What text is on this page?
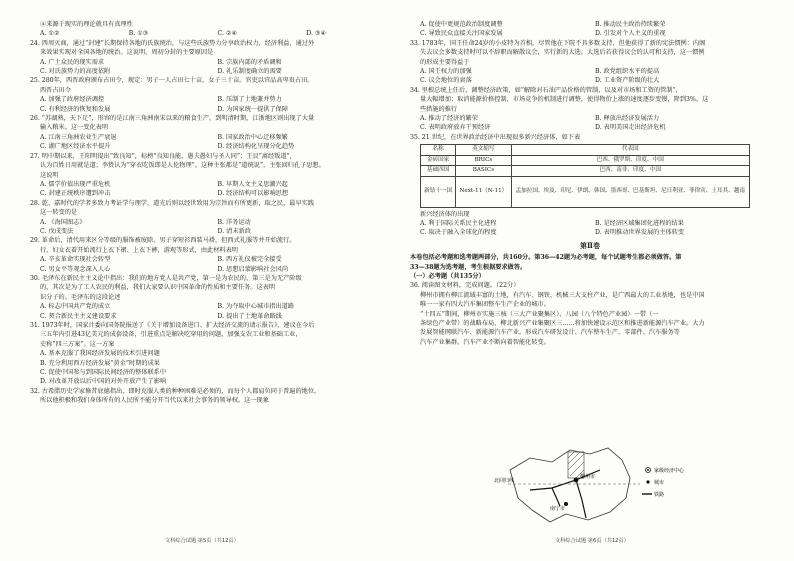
④来源于现实的理论就具有真理性
A. ①②	B. ①③	C. ②④	D. ③④
24. 西周灭商，通过“封建”长期保持各地的氏族统治，与这些氏族势力分享政治权力，经济利益，通过外
来效果实现对全国各地的统治。这说明，周初分封的主要原因是
A. 广土众民的现实需求	B. 宗族内部的矛盾调和
C. 对氏族势力的高度依附	D. 礼乐制度确立的需要
25. 280年，西晋政府颁布占田令，规定：男子一人占田七十亩，女子三十亩。官吏以官品高卑贵占田。
西晋占田令
A. 加强了政府经济调控	B. 压制了土地兼并势力
C. 有利经济的恢复和发展	D. 为国家统一提供了保障
26. “苏湖熟，天下足”，形容的是江南三角洲南宋以来的粮食生产，到明清时期，江浙地区则出现了大量
输入粮米。这一变化表明
A. 江南三角洲农业生产衰退	B. 国家政治中心迁移频繁
C. 湖广地区经济水平提升	D. 经济结构化呈现分化趋势
27. 明中期以来，王阳明提出“致良知”，标榜“良知良能，愚夫愚妇与圣人同”；王艮“离经叛道”，
认为百姓日用就是道；李贽认为“穿衣吃饭即是人伦物理”。这种主张都是“道统说”，主张回归孔子思想。
这说明
A. 儒学价值出现严重危机	B. 早期人文主义思潮兴起
C. 封建正统秩序遭到冲击	D. 经济结构可以影响思想
28. 乾、嘉时代的学者多致力考证学与理学，道光后则以经世致用为宗旨而有所更新，取之民，最早实践
这一转变的是
A. 《海国图志》	B. 洋务运动
C. 戊戌变法	D. 清末新政
29. 革命后，清代用来区分等级的服饰被废除，男子穿短衫西装马褂，但西式礼服等并开始流行。
行，妇女衣着开始流行上衣下裙、上衣下裤，游观等形式，由此材料表明
A. 辛亥革命实现社会转型	B. 西方礼仪被完全接受
C. 男女平等观念深入人心	D. 思想启蒙影响社会风尚
30. 毛泽东在新民主主义论中指出：我们的地方党人是共产党，第一是为农民的，第三是为无产阶级
的，其次是为了工人农民的利益，我们大家要认识中国革命的性质和主要任务。这表明
识分子的。毛泽东的这段论述
A. 标志中国共产党的成立	B. 为夺取中心城市指出道路
C. 契合新民主主义建设要求	D. 提出了土地革命路线
31. 1973年时，国家计委向国务院报送了《关于增加设备进口、扩大经济交流的请示报告》，建议在今后
三五年内引进43亿美元的成套设备，引进重点是解决吃穿用的问题，加强支农工业和基础工业，
史称“四三方案”。这一方案
A. 基本克服了我国经济发展的技术引进问题
B. 充分利用西方经济发展“黄金”时期的成果
C. 促使中国参与到国际民间经济的整体联系中
D. 对改革开放以后中国的对外开放产生了影响
32. 古希腊历史学家修昔底德指出，即时克服人类的种种困难是必须的，而每个人都肩负同于普遍的地位，
所以他积极和我们身体所有的人民所不能分开当代以来社会事务的领导权。这一现象
A. 促使中更规范政治制度调整	B. 推动民主政治持续繁荣
C. 导致民众直接关注国家发展	D. 引发对个人主义的重视
33. 1783年，国王任命24岁的小皮特为首相，尽管他在下院不具多数支持，但他获得了新的宪法惯例：内阁
失去议会多数支持时可以不辞职而解散议会，实行新的大选。大选后若获得议会的认可和支持，这一惯例
的形成主要得益于
A. 国王权力的加强	B. 政党组织水平的提高
C. 议会地位的衰落	D. 工业资产阶级的壮大
34. 里根总统上任后，调整经济政策，如“解除对石油产品价格的管制，以及对市场和工资的管制”，
量大幅增加；取消能源价格控制，市场竞争的机制进行调整，使得物价上涨的速度逐步变慢，降到3%。这
些措施的推行
A. 推动了经济的繁荣	B. 释放出经济发展活力
C. 表明政府放弃干预经济	D. 表明美国走出经济危机
35. 21 世纪，在世界政治经济中出现很多新兴经济体，如下表
名称	英文缩写	代表国
金砖国家	BRICs	巴西、俄罗斯、印度、中国
基础四国	BASICs	巴西、南非、印度、中国
新钻十一国	Next-11（N-11）	孟加拉国、埃及、印尼、伊朗、韩国、墨西哥、巴基斯坦、尼日利亚、菲律宾、土耳其、越南
新兴经济体的出现
A. 利于国际关系民主化进程	B. 是经济区域集团化进程的结果
C. 取决于融入全球化的程度	D. 表明推动世界发展的主体转变
第Ⅱ卷
本卷包括必考题和选考题两部分，共160分。第36—42题为必考题，每个试题考生都必须做答。第
33—38题为选考题，考生根据要求做答。
（一）必考题（共135分）
36. 阅读图文材料，完成问题。（22分）
柳州市拥有柳江流域丰富的土地，有汽车、钢铁、机械三大支柱产业，是广西最大的工业基地，也是中国
唯一一家有四大汽车集团整车生产企业的城市。
“十四五”期间，柳州市实施三核（三大产业聚集区）、八园（八个特色产业园）一带（一
条绿色产业带）的战略布局，柳北新兴产业集聚区三……将加快建设示范区和推进新能源汽车产业。大力
发展智能网联汽车、新能源汽车产业，形成汽车研发设计、汽车整车生产、零部件、汽车服务等
汽车产业集群。汽车产业不断向着智能化转变。
北回归线
南宁市
柳州市
家级经济中心
城市
铁路
文科综合试题 第5页（共12页）	文科综合试题 第6页（共12页）
